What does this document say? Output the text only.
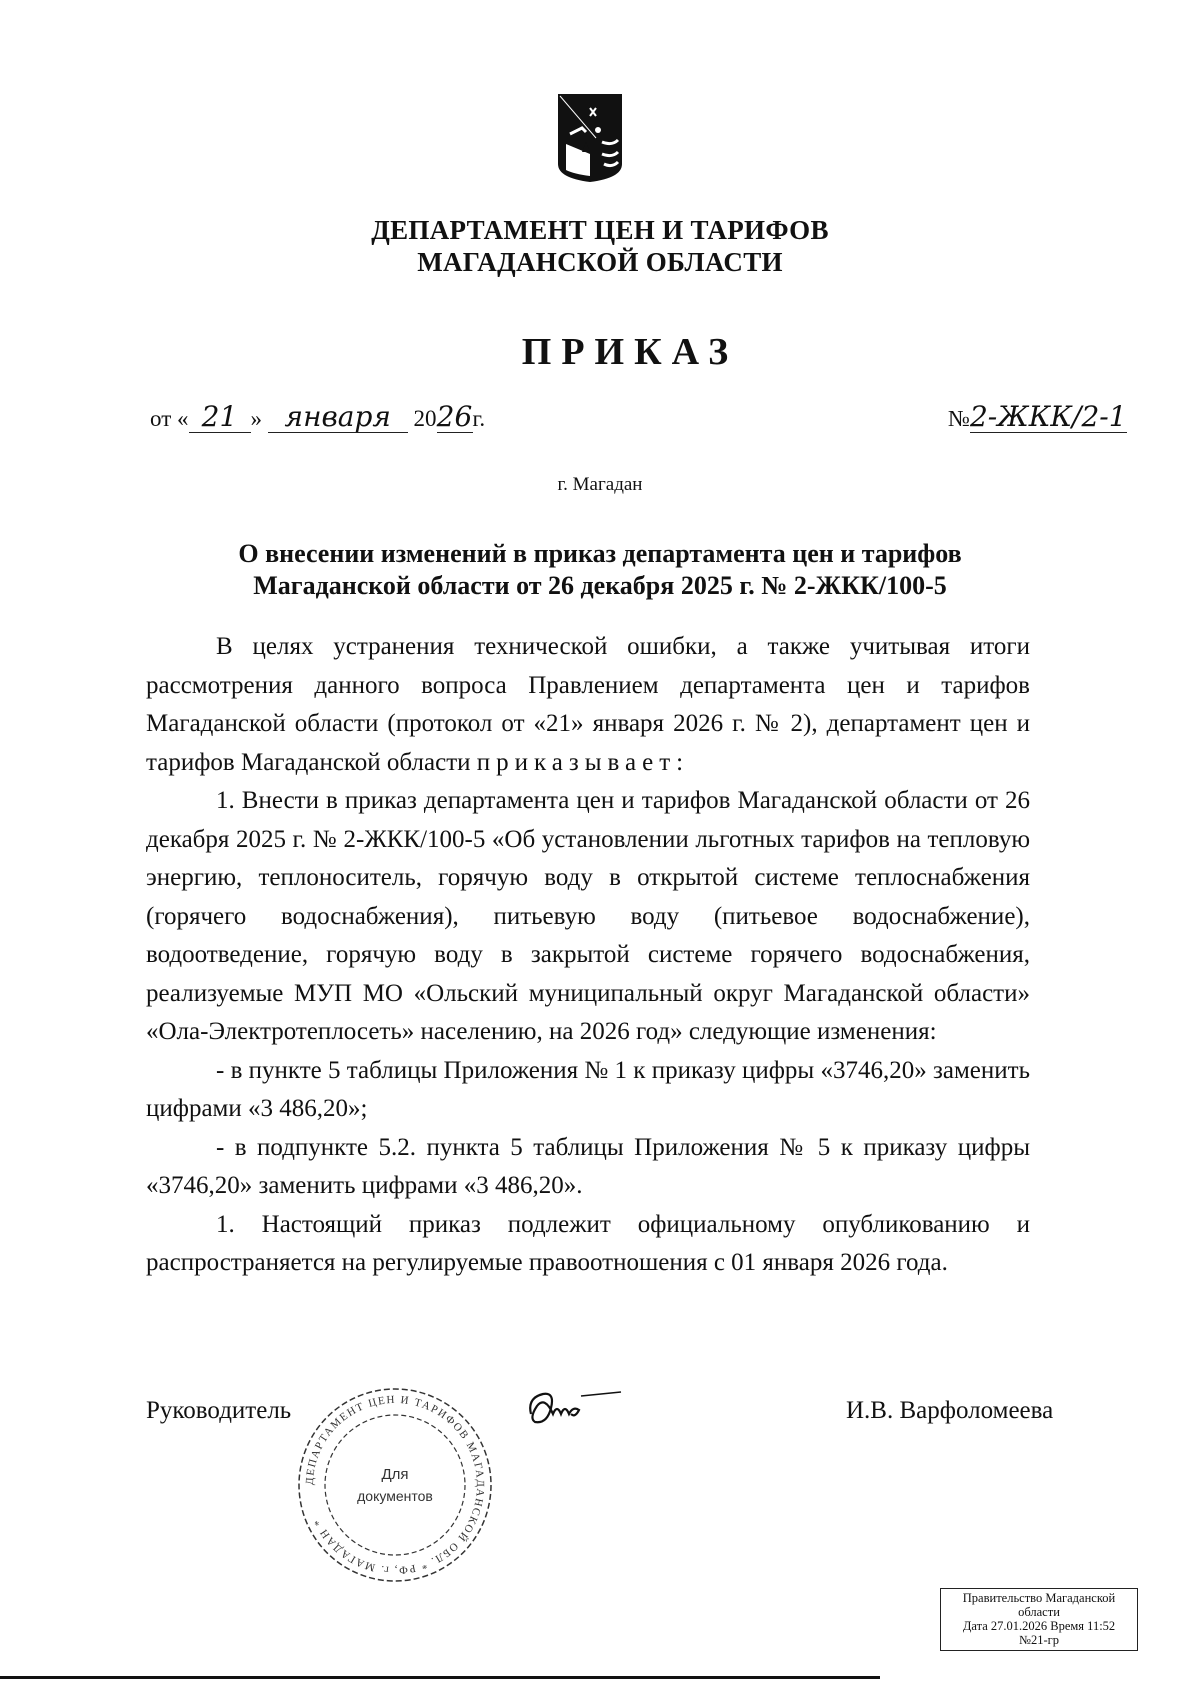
ДЕПАРТАМЕНТ ЦЕН И ТАРИФОВ
МАГАДАНСКОЙ ОБЛАСТИ
ПРИКАЗ
от « 21 » января 2026г.	№2-ЖКК/2-1
г. Магадан
О внесении изменений в приказ департамента цен и тарифов
Магаданской области от 26 декабря 2025 г. № 2-ЖКК/100-5

В целях устранения технической ошибки, а также учитывая итоги рассмотрения данного вопроса Правлением департамента цен и тарифов Магаданской области (протокол от «21» января 2026 г. № 2), департамент цен и тарифов Магаданской области приказывает:

1. Внести в приказ департамента цен и тарифов Магаданской области от 26 декабря 2025 г. № 2-ЖКК/100-5 «Об установлении льготных тарифов на тепловую энергию, теплоноситель, горячую воду в открытой системе теплоснабжения (горячего водоснабжения), питьевую воду (питьевое водоснабжение), водоотведение, горячую воду в закрытой системе горячего водоснабжения, реализуемые МУП МО «Ольский муниципальный округ Магаданской области» «Ола-Электротеплосеть» населению, на 2026 год» следующие изменения:

- в пункте 5 таблицы Приложения № 1 к приказу цифры «3746,20» заменить цифрами «3 486,20»;

- в подпункте 5.2. пункта 5 таблицы Приложения № 5 к приказу цифры «3746,20» заменить цифрами «3 486,20».

1. Настоящий приказ подлежит официальному опубликованию и распространяется на регулируемые правоотношения с 01 января 2026 года.

Руководитель
ДЕПАРТАМЕНТ ЦЕН И ТАРИФОВ МАГАДАНСКОЙ ОБЛ. * РФ, г. МАГАДАН *
Для
документов
И.В. Варфоломеева
Правительство Магаданской
области
Дата 27.01.2026 Время 11:52
№21-гр
